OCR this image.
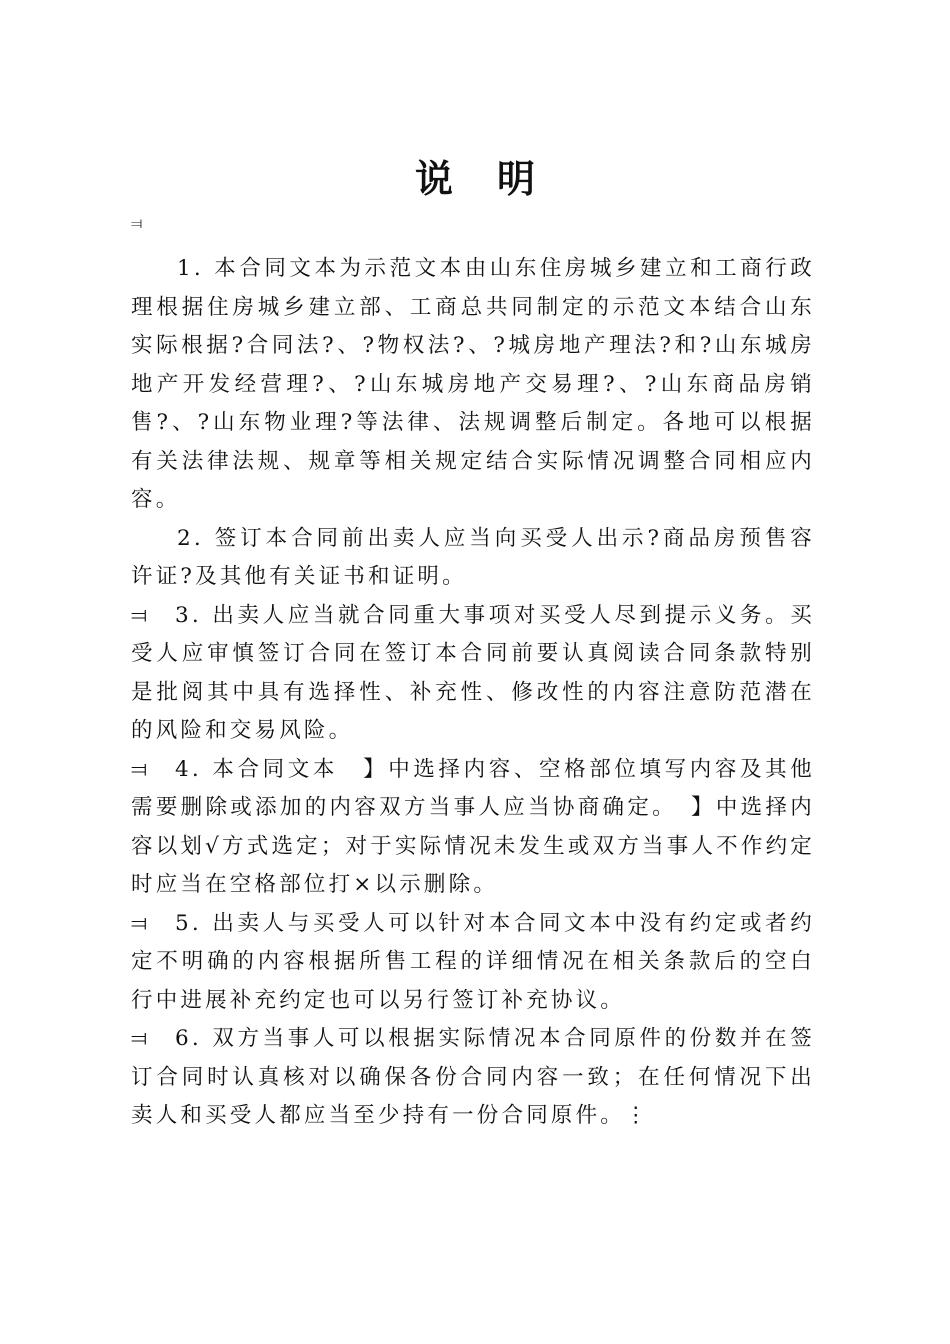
说明
⫤

1. 本合同文本为示范文本由山东住房城乡建立和工商行政理根据住房城乡建立部、工商总共同制定的示范文本结合山东实际根据?合同法?、?物权法?、?城房地产理法?和?山东城房地产开发经营理?、?山东城房地产交易理?、?山东商品房销售?、?山东物业理?等法律、法规调整后制定。各地可以根据有关法律法规、规章等相关规定结合实际情况调整合同相应内容。

2. 签订本合同前出卖人应当向买受人出示?商品房预售容许证?及其他有关证书和证明。

⫤ 3. 出卖人应当就合同重大事项对买受人尽到提示义务。买受人应审慎签订合同在签订本合同前要认真阅读合同条款特别是批阅其中具有选择性、补充性、修改性的内容注意防范潜在的风险和交易风险。

⫤ 4. 本合同文本　】中选择内容、空格部位填写内容及其他需要删除或添加的内容双方当事人应当协商确定。　】中选择内容以划√方式选定；对于实际情况未发生或双方当事人不作约定时应当在空格部位打×以示删除。

⫤ 5. 出卖人与买受人可以针对本合同文本中没有约定或者约定不明确的内容根据所售工程的详细情况在相关条款后的空白行中进展补充约定也可以另行签订补充协议。

⫤ 6. 双方当事人可以根据实际情况本合同原件的份数并在签订合同时认真核对以确保各份合同内容一致；在任何情况下出卖人和买受人都应当至少持有一份合同原件。⋮
